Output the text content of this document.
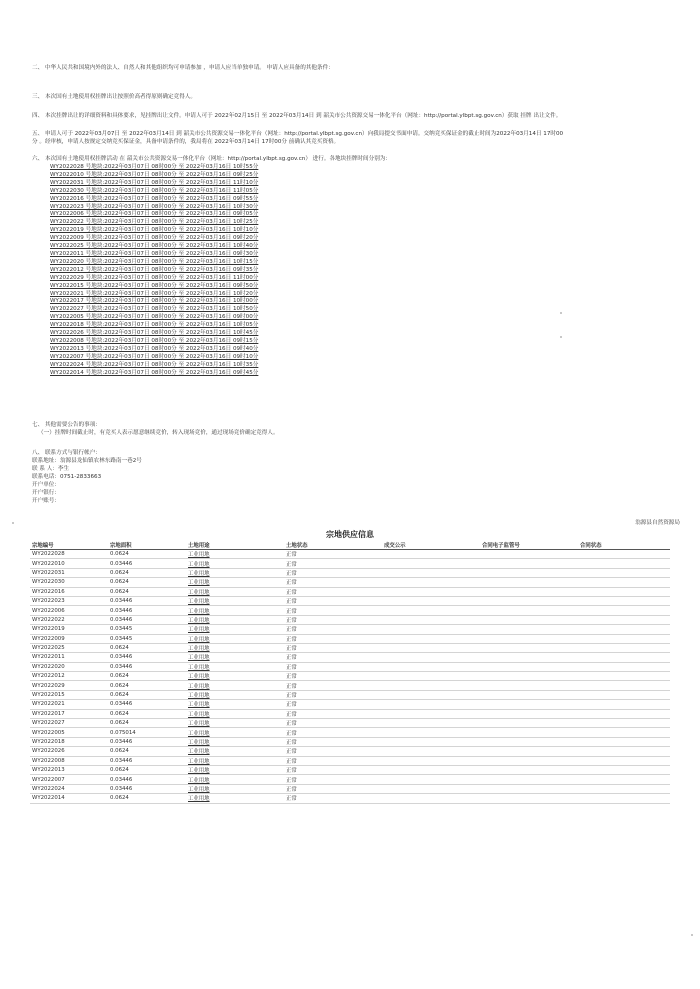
二、 中华人民共和国境内外的法人、自然人和其他组织均可申请参加 ，申请人应当单独申请。 申请人应具备的其他条件：
三、 本次国有土地使用权挂牌出让按照价高者得原则确定竞得人。
四、 本次挂牌出让的详细资料和具体要求，见挂牌出让文件。申请人可于 2022年02月15日 至 2022年03月14日 到 韶关市公共资源交易一体化平台（网址：http://portal.ylbpt.sg.gov.cn）获取 挂牌 出让文件。
五、 申请人可于 2022年03月07日 至 2022年03月14日 到 韶关市公共资源交易一体化平台（网址：http://portal.ylbpt.sg.gov.cn）向我局提交书面申请。交纳竞买保证金的截止时间为2022年03月14日 17时00
分 。经审核，申请人按规定交纳竞买保证金，具备申请条件的，我局将在 2022年03月14日 17时00分 前确认其竞买资格。
六、 本次国有土地使用权挂牌活动 在 韶关市公共资源交易一体化平台（网址：http://portal.ylbpt.sg.gov.cn） 进行。各地块挂牌时间分别为：
WY2022028 号地块:2022年03月07日 08时00分 至 2022年03月16日 10时55分
WY2022010 号地块:2022年03月07日 08时00分 至 2022年03月16日 09时25分
WY2022031 号地块:2022年03月07日 08时00分 至 2022年03月16日 11时10分
WY2022030 号地块:2022年03月07日 08时00分 至 2022年03月16日 11时05分
WY2022016 号地块:2022年03月07日 08时00分 至 2022年03月16日 09时55分
WY2022023 号地块:2022年03月07日 08时00分 至 2022年03月16日 10时30分
WY2022006 号地块:2022年03月07日 08时00分 至 2022年03月16日 09时05分
WY2022022 号地块:2022年03月07日 08时00分 至 2022年03月16日 10时25分
WY2022019 号地块:2022年03月07日 08时00分 至 2022年03月16日 10时10分
WY2022009 号地块:2022年03月07日 08时00分 至 2022年03月16日 09时20分
WY2022025 号地块:2022年03月07日 08时00分 至 2022年03月16日 10时40分
WY2022011 号地块:2022年03月07日 08时00分 至 2022年03月16日 09时30分
WY2022020 号地块:2022年03月07日 08时00分 至 2022年03月16日 10时15分
WY2022012 号地块:2022年03月07日 08时00分 至 2022年03月16日 09时35分
WY2022029 号地块:2022年03月07日 08时00分 至 2022年03月16日 11时00分
WY2022015 号地块:2022年03月07日 08时00分 至 2022年03月16日 09时50分
WY2022021 号地块:2022年03月07日 08时00分 至 2022年03月16日 10时20分
WY2022017 号地块:2022年03月07日 08时00分 至 2022年03月16日 10时00分
WY2022027 号地块:2022年03月07日 08时00分 至 2022年03月16日 10时50分
WY2022005 号地块:2022年03月07日 08时00分 至 2022年03月16日 09时00分
WY2022018 号地块:2022年03月07日 08时00分 至 2022年03月16日 10时05分
WY2022026 号地块:2022年03月07日 08时00分 至 2022年03月16日 10时45分
WY2022008 号地块:2022年03月07日 08时00分 至 2022年03月16日 09时15分
WY2022013 号地块:2022年03月07日 08时00分 至 2022年03月16日 09时40分
WY2022007 号地块:2022年03月07日 08时00分 至 2022年03月16日 09时10分
WY2022024 号地块:2022年03月07日 08时00分 至 2022年03月16日 10时35分
WY2022014 号地块:2022年03月07日 08时00分 至 2022年03月16日 09时45分
七、 其他需要公告的事项：
（一）挂牌时间截止时，有竞买人表示愿意继续竞价，转入现场竞价，通过现场竞价确定竞得人。
八、 联系方式与银行帐户：
联系地址：翁源县龙仙镇农林东路南一巷2号
联 系 人：李生
联系电话：0751-2833663
开户单位：
开户银行：
开户账号：
翁源县自然资源局
宗地供应信息
宗地编号	宗地面积	土地用途	土地状态	成交公示	合同电子监管号	合同状态
WY2022028	0.0624	工业用地	正常			
WY2022010	0.03446	工业用地	正常			
WY2022031	0.0624	工业用地	正常			
WY2022030	0.0624	工业用地	正常			
WY2022016	0.0624	工业用地	正常			
WY2022023	0.03446	工业用地	正常			
WY2022006	0.03446	工业用地	正常			
WY2022022	0.03446	工业用地	正常			
WY2022019	0.03445	工业用地	正常			
WY2022009	0.03445	工业用地	正常			
WY2022025	0.0624	工业用地	正常			
WY2022011	0.03446	工业用地	正常			
WY2022020	0.03446	工业用地	正常			
WY2022012	0.0624	工业用地	正常			
WY2022029	0.0624	工业用地	正常			
WY2022015	0.0624	工业用地	正常			
WY2022021	0.03446	工业用地	正常			
WY2022017	0.0624	工业用地	正常			
WY2022027	0.0624	工业用地	正常			
WY2022005	0.075014	工业用地	正常			
WY2022018	0.03446	工业用地	正常			
WY2022026	0.0624	工业用地	正常			
WY2022008	0.03446	工业用地	正常			
WY2022013	0.0624	工业用地	正常			
WY2022007	0.03446	工业用地	正常			
WY2022024	0.03446	工业用地	正常			
WY2022014	0.0624	工业用地	正常			
